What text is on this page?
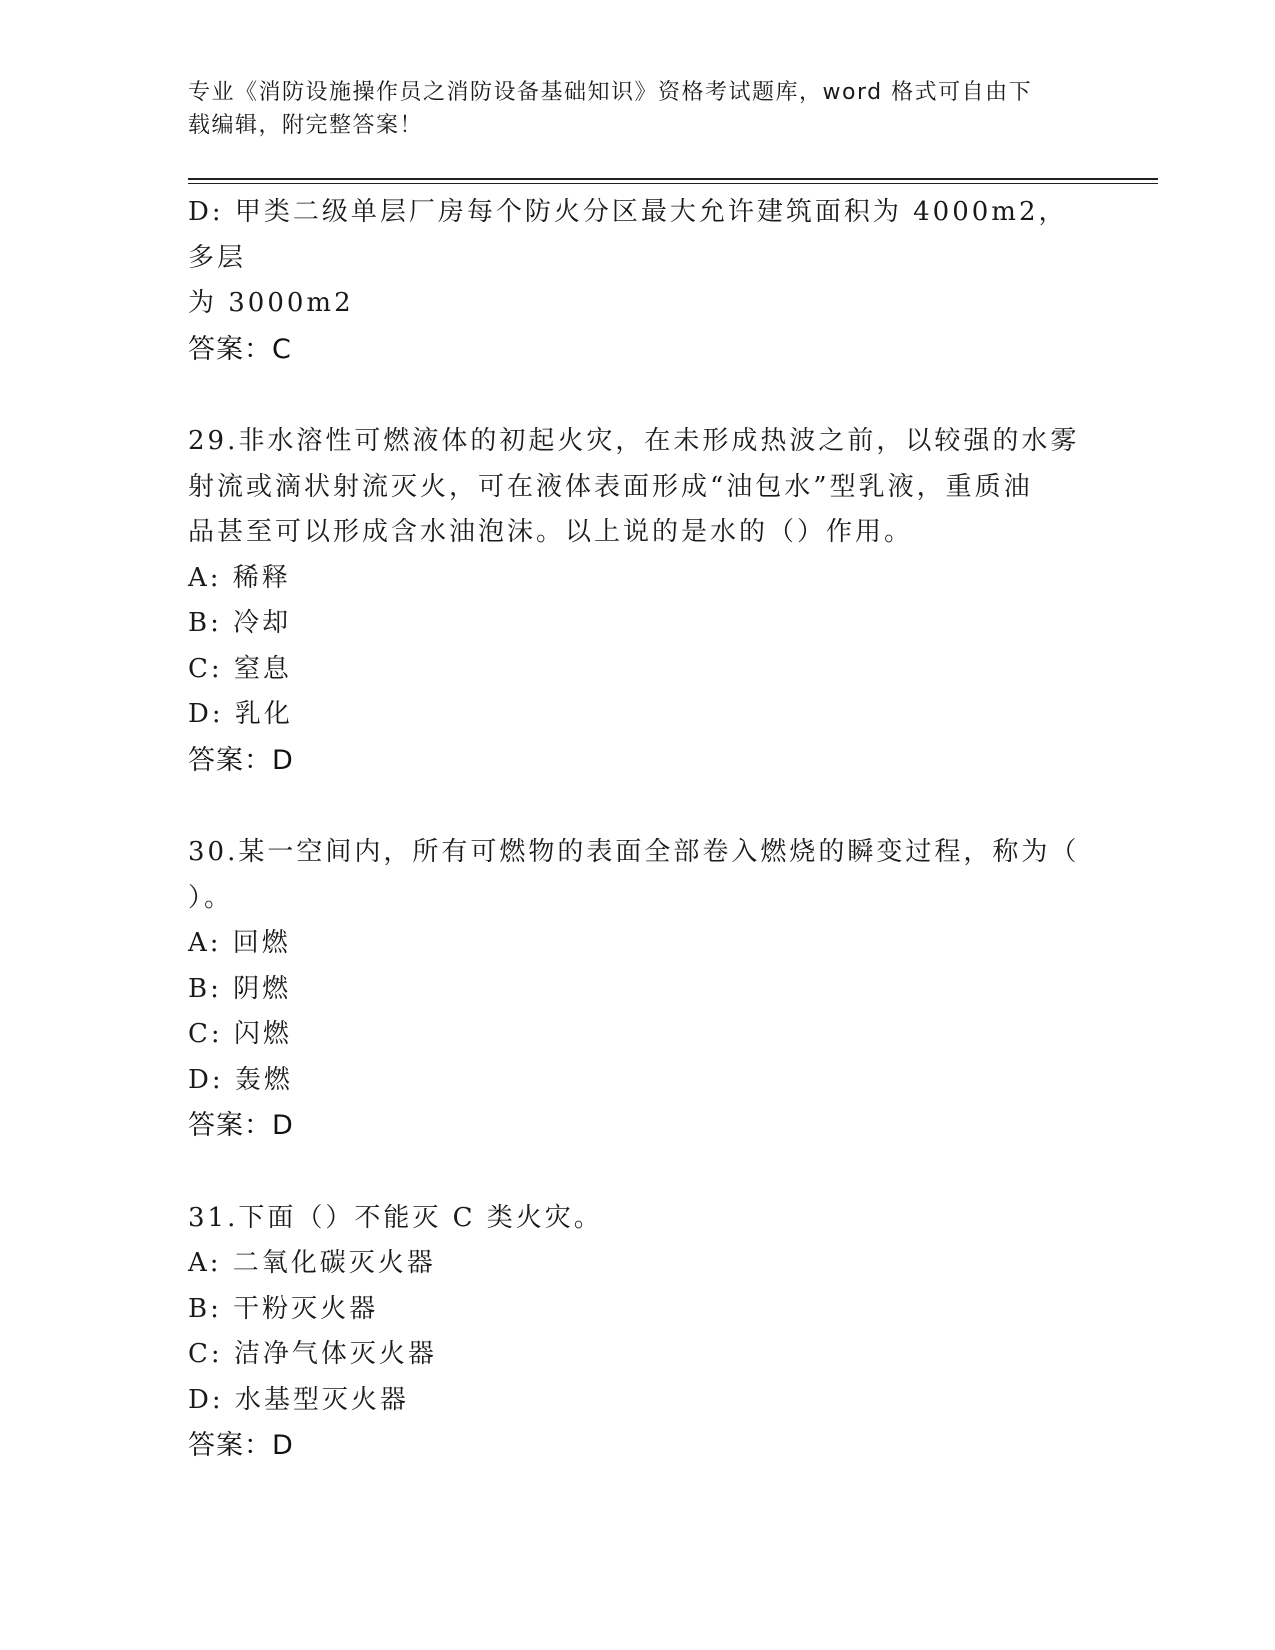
专业《消防设施操作员之消防设备基础知识》资格考试题库，word 格式可自由下
载编辑，附完整答案！

D: 甲类二级单层厂房每个防火分区最大允许建筑面积为 4000m2，多层

为 3000m2

答案：C

29.非水溶性可燃液体的初起火灾，在未形成热波之前，以较强的水雾

射流或滴状射流灭火，可在液体表面形成“油包水”型乳液，重质油

品甚至可以形成含水油泡沫。以上说的是水的（）作用。

A: 稀释

B: 冷却

C: 窒息

D: 乳化

答案：D

30.某一空间内，所有可燃物的表面全部卷入燃烧的瞬变过程，称为（

）。

A: 回燃

B: 阴燃

C: 闪燃

D: 轰燃

答案：D

31.下面（）不能灭 C 类火灾。

A: 二氧化碳灭火器

B: 干粉灭火器

C: 洁净气体灭火器

D: 水基型灭火器

答案：D
